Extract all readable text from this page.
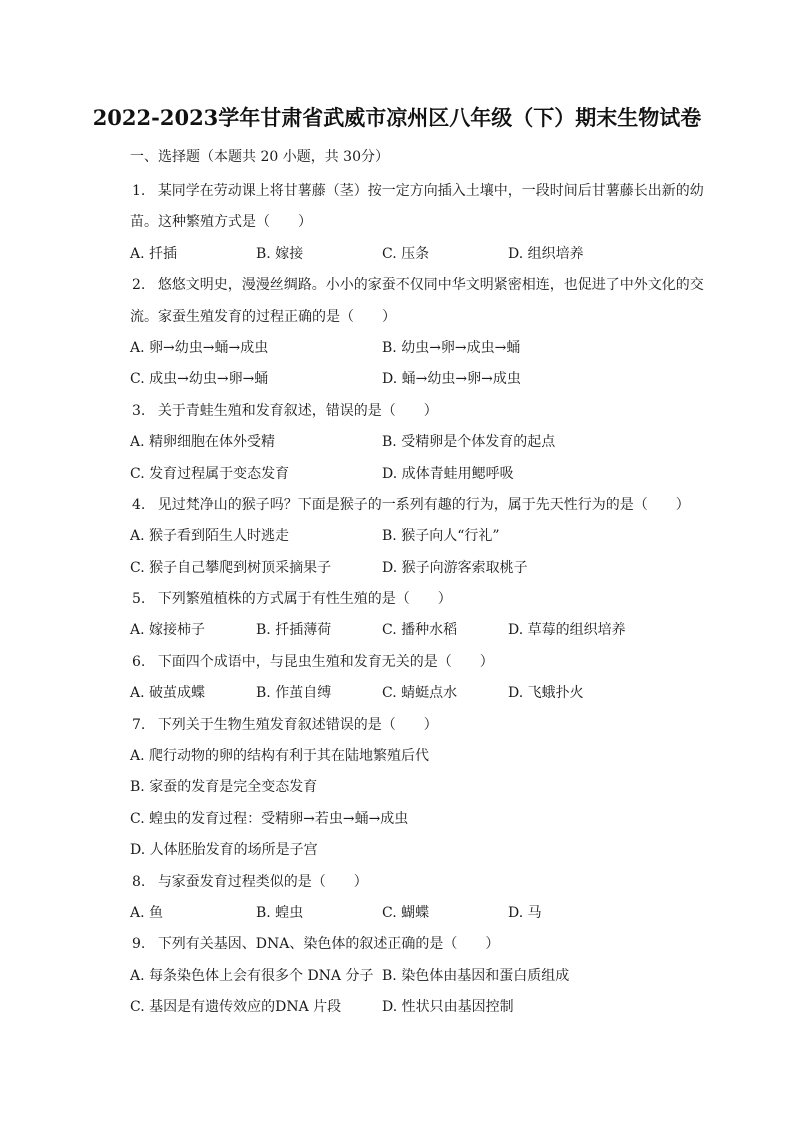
2022-2023学年甘肃省武威市凉州区八年级（下）期末生物试卷
一、选择题（本题共 20 小题，共 30分）
1. 某同学在劳动课上将甘薯藤（茎）按一定方向插入土壤中，一段时间后甘薯藤长出新的幼
苗。这种繁殖方式是（　　）
A. 扦插	B. 嫁接	C. 压条	D. 组织培养
2. 悠悠文明史，漫漫丝绸路。小小的家蚕不仅同中华文明紧密相连，也促进了中外文化的交
流。家蚕生殖发育的过程正确的是（　　）
A. 卵→幼虫→蛹→成虫	B. 幼虫→卵→成虫→蛹
C. 成虫→幼虫→卵→蛹	D. 蛹→幼虫→卵→成虫
3. 关于青蛙生殖和发育叙述，错误的是（　　）
A. 精卵细胞在体外受精	B. 受精卵是个体发育的起点
C. 发育过程属于变态发育	D. 成体青蛙用鳃呼吸
4. 见过梵净山的猴子吗？下面是猴子的一系列有趣的行为，属于先天性行为的是（　　）
A. 猴子看到陌生人时逃走	B. 猴子向人“行礼”
C. 猴子自己攀爬到树顶采摘果子	D. 猴子向游客索取桃子
5. 下列繁殖植株的方式属于有性生殖的是（　　）
A. 嫁接柿子	B. 扦插薄荷	C. 播种水稻	D. 草莓的组织培养
6. 下面四个成语中，与昆虫生殖和发育无关的是（　　）
A. 破茧成蝶	B. 作茧自缚	C. 蜻蜓点水	D. 飞蛾扑火
7. 下列关于生物生殖发育叙述错误的是（　　）
A. 爬行动物的卵的结构有利于其在陆地繁殖后代
B. 家蚕的发育是完全变态发育
C. 蝗虫的发育过程：受精卵→若虫→蛹→成虫
D. 人体胚胎发育的场所是子宫
8. 与家蚕发育过程类似的是（　　）
A. 鱼	B. 蝗虫	C. 蝴蝶	D. 马
9. 下列有关基因、DNA、染色体的叙述正确的是（　　）
A. 每条染色体上会有很多个 DNA 分子 B. 染色体由基因和蛋白质组成
C. 基因是有遗传效应的DNA 片段	D. 性状只由基因控制
